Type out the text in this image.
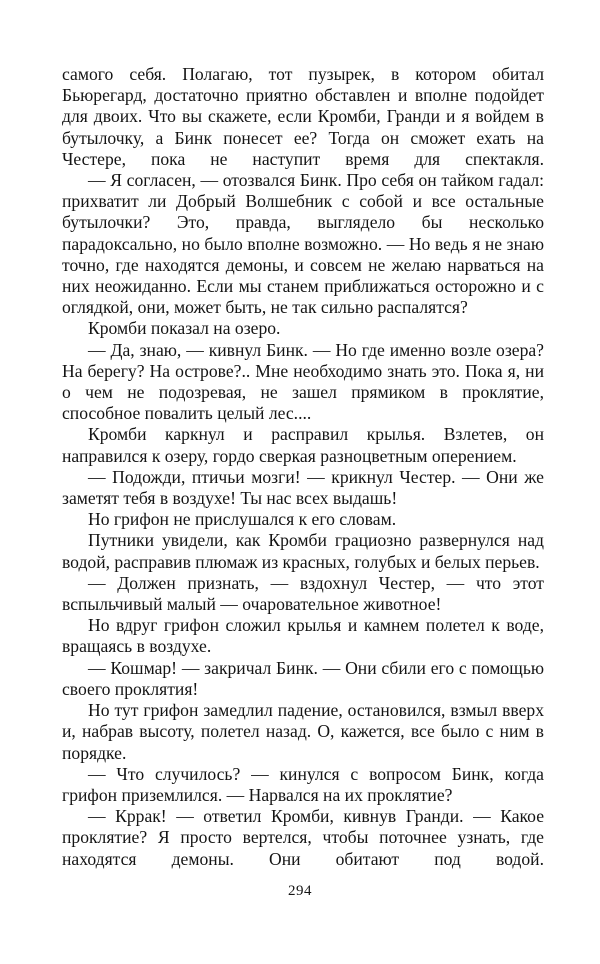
самого себя. Полагаю, тот пузырек, в котором обитал Бьюрегард, достаточно приятно обставлен и вполне подойдет для двоих. Что вы скажете, если Кромби, Гранди и я войдем в бутылочку, а Бинк понесет ее? Тогда он сможет ехать на Честере, пока не наступит время для спектакля.

— Я согласен, — отозвался Бинк. Про себя он тайком гадал: прихватит ли Добрый Волшебник с собой и все остальные бутылочки? Это, правда, выглядело бы несколько парадоксально, но было вполне возможно. — Но ведь я не знаю точно, где находятся демоны, и совсем не желаю нарваться на них неожиданно. Если мы станем приближаться осторожно и с оглядкой, они, может быть, не так сильно распалятся?

Кромби показал на озеро.

— Да, знаю, — кивнул Бинк. — Но где именно возле озера? На берегу? На острове?.. Мне необходимо знать это. Пока я, ни о чем не подозревая, не зашел прямиком в проклятие, способное повалить целый лес....

Кромби каркнул и расправил крылья. Взлетев, он направился к озеру, гордо сверкая разноцветным оперением.

— Подожди, птичьи мозги! — крикнул Честер. — Они же заметят тебя в воздухе! Ты нас всех выдашь!

Но грифон не прислушался к его словам.

Путники увидели, как Кромби грациозно развернулся над водой, расправив плюмаж из красных, голубых и белых перьев.

— Должен признать, — вздохнул Честер, — что этот вспыльчивый малый — очаровательное животное!

Но вдруг грифон сложил крылья и камнем полетел к воде, вращаясь в воздухе.

— Кошмар! — закричал Бинк. — Они сбили его с помощью своего проклятия!

Но тут грифон замедлил падение, остановился, взмыл вверх и, набрав высоту, полетел назад. О, кажется, все было с ним в порядке.

— Что случилось? — кинулся с вопросом Бинк, когда грифон приземлился. — Нарвался на их проклятие?

— Кррак! — ответил Кромби, кивнув Гранди. — Какое проклятие? Я просто вертелся, чтобы поточнее узнать, где находятся демоны. Они обитают под водой.

294
